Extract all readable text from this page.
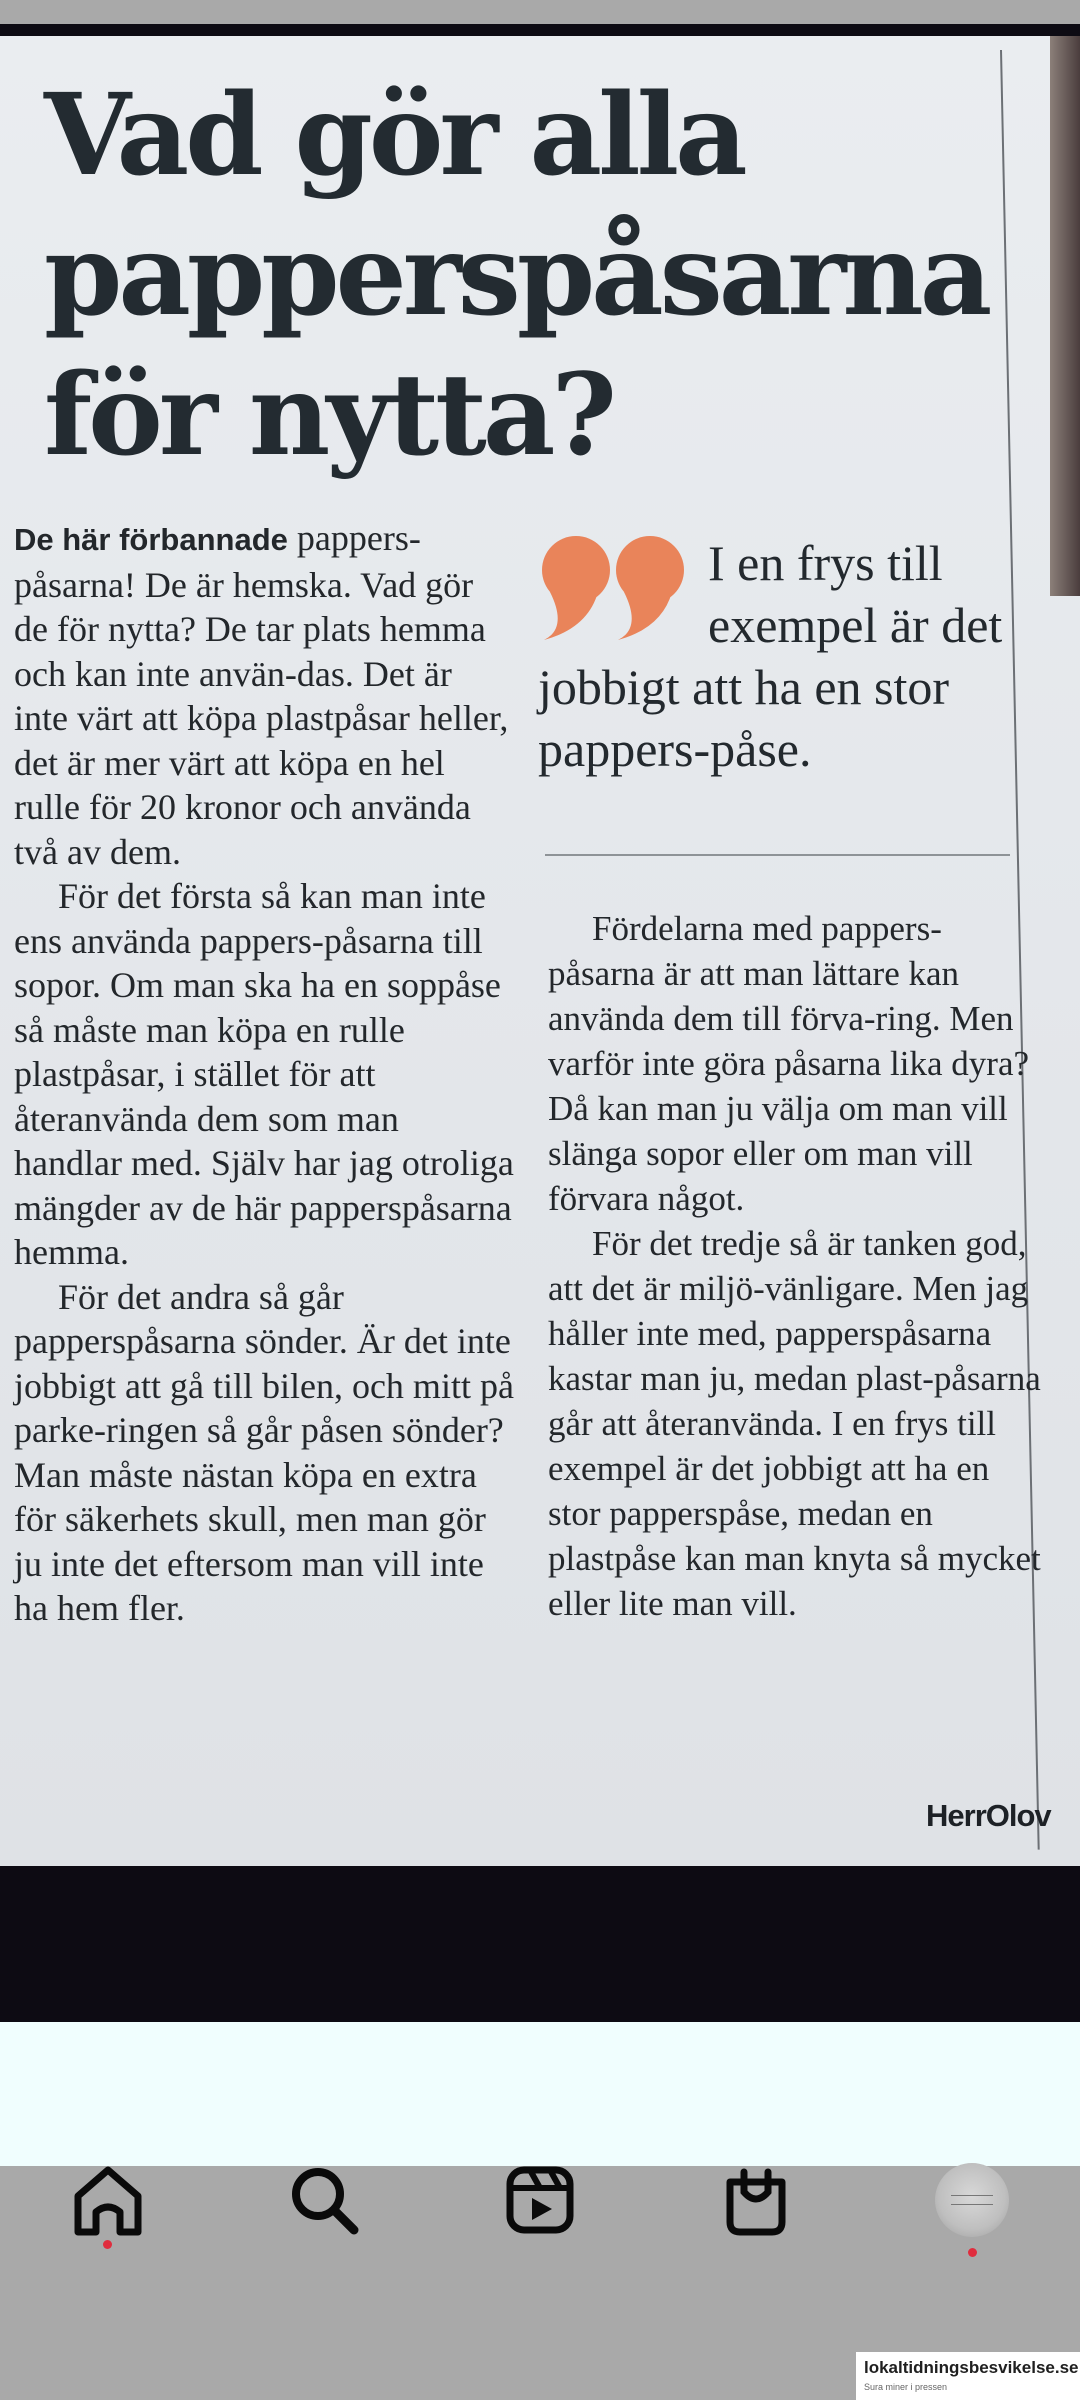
Vad gör alla papperspåsarna för nytta?

De här förbannade pappers-påsarna! De är hemska. Vad gör de för nytta? De tar plats hemma och kan inte använ-das. Det är inte värt att köpa plastpåsar heller, det är mer värt att köpa en hel rulle för 20 kronor och använda två av dem.

För det första så kan man inte ens använda pappers-påsarna till sopor. Om man ska ha en soppåse så måste man köpa en rulle plastpåsar, i stället för att återanvända dem som man handlar med. Själv har jag otroliga mängder av de här papperspåsarna hemma.

För det andra så går papperspåsarna sönder. Är det inte jobbigt att gå till bilen, och mitt på parke-ringen så går påsen sönder? Man måste nästan köpa en extra för säkerhets skull, men man gör ju inte det eftersom man vill inte ha hem fler.

I en frys till exempel är det jobbigt att ha en stor pappers-påse.

Fördelarna med pappers-påsarna är att man lättare kan använda dem till förva-ring. Men varför inte göra påsarna lika dyra? Då kan man ju välja om man vill slänga sopor eller om man vill förvara något.

För det tredje så är tanken god, att det är miljö-vänligare. Men jag håller inte med, papperspåsarna kastar man ju, medan plast-påsarna går att återanvända. I en frys till exempel är det jobbigt att ha en stor papperspåse, medan en plastpåse kan man knyta så mycket eller lite man vill.

HerrOlov
lokaltidningsbesvikelse.se
Sura miner i pressen
